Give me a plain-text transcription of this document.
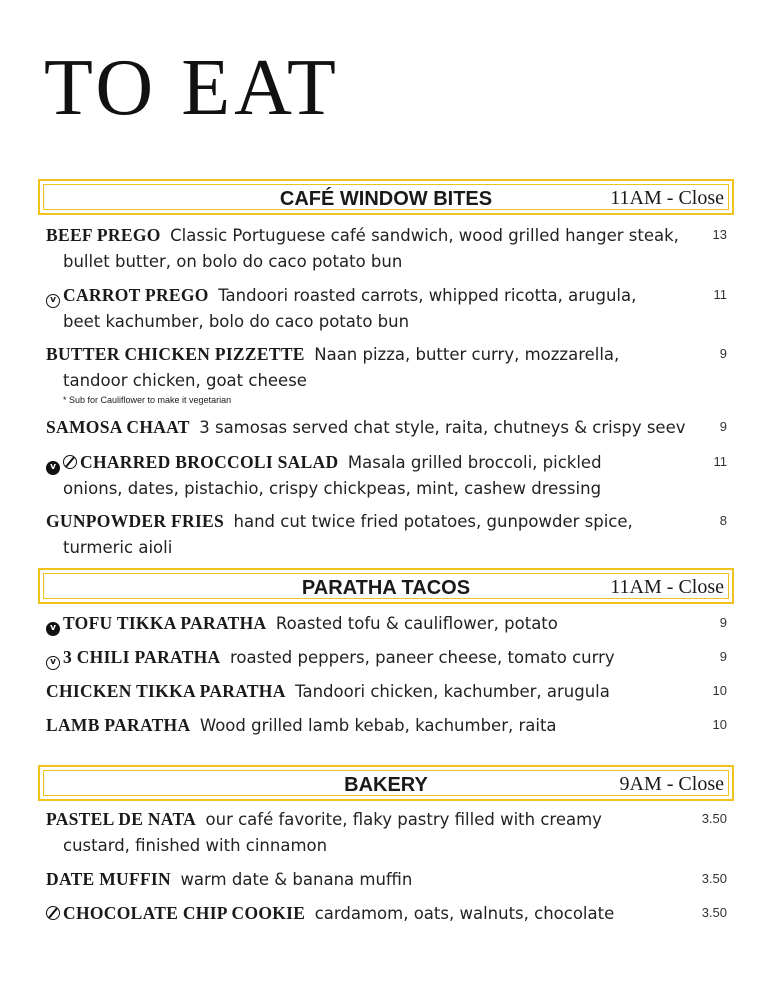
TO EAT
CAFÉ WINDOW BITES	11AM - Close
BEEF PREGO Classic Portuguese café sandwich, wood grilled hanger steak,
bullet butter, on bolo do caco potato bun
13
v CARROT PREGO Tandoori roasted carrots, whipped ricotta, arugula,
beet kachumber, bolo do caco potato bun
11
BUTTER CHICKEN PIZZETTE Naan pizza, butter curry, mozzarella,
tandoor chicken, goat cheese
* Sub for Cauliflower to make it vegetarian
9
SAMOSA CHAAT 3 samosas served chat style, raita, chutneys & crispy seev	9
v CHARRED BROCCOLI SALAD Masala grilled broccoli, pickled
onions, dates, pistachio, crispy chickpeas, mint, cashew dressing
11
GUNPOWDER FRIES hand cut twice fried potatoes, gunpowder spice,
turmeric aioli
8
PARATHA TACOS	11AM - Close
v TOFU TIKKA PARATHA Roasted tofu & cauliflower, potato	9
v 3 CHILI PARATHA roasted peppers, paneer cheese, tomato curry	9
CHICKEN TIKKA PARATHA Tandoori chicken, kachumber, arugula	10
LAMB PARATHA Wood grilled lamb kebab, kachumber, raita	10
BAKERY	9AM - Close
PASTEL DE NATA our café favorite, flaky pastry filled with creamy
custard, finished with cinnamon
3.50
DATE MUFFIN warm date & banana muffin	3.50
CHOCOLATE CHIP COOKIE cardamom, oats, walnuts, chocolate	3.50
